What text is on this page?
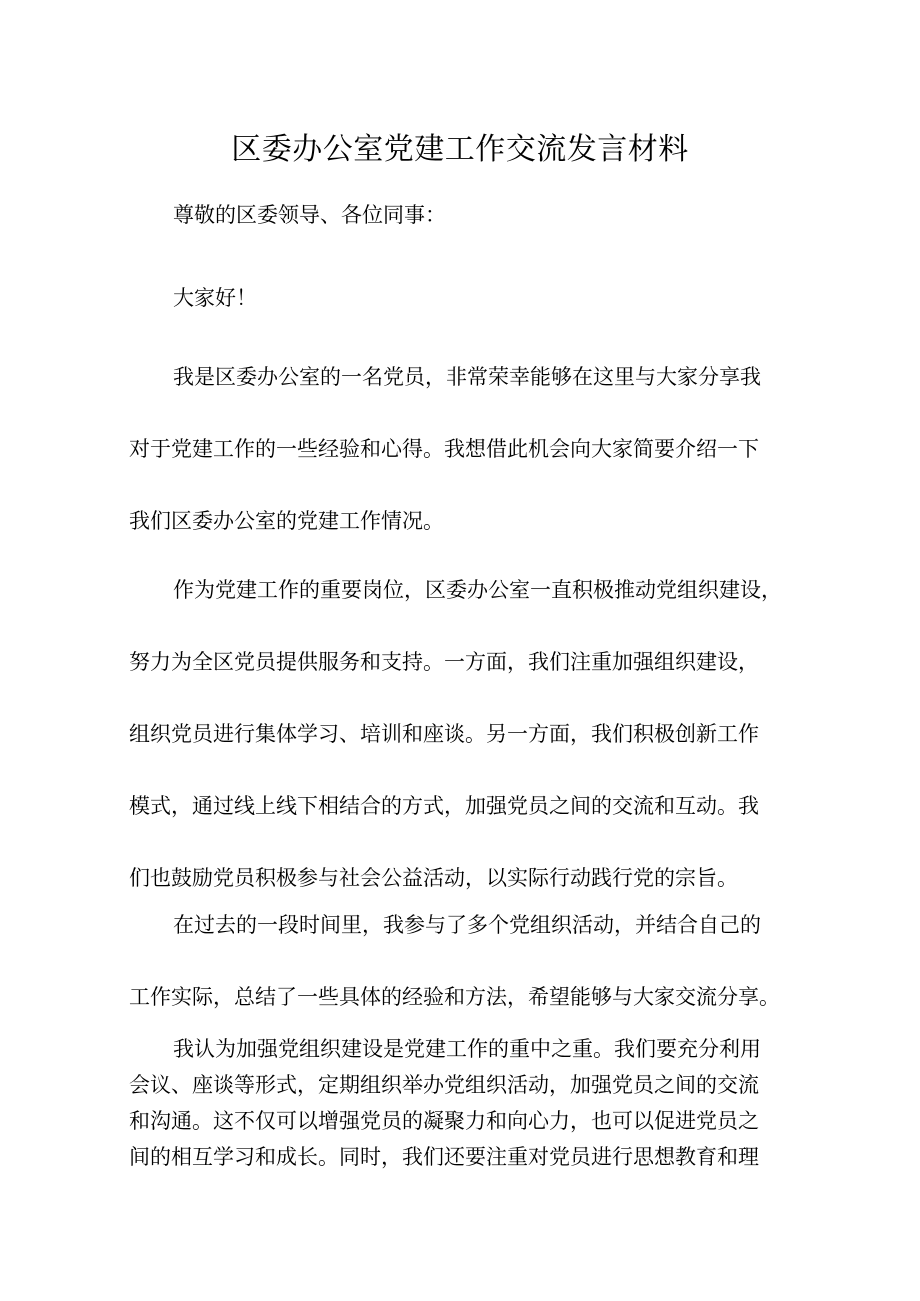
区委办公室党建工作交流发言材料

尊敬的区委领导、各位同事：

大家好！

我是区委办公室的一名党员，非常荣幸能够在这里与大家分享我
对于党建工作的一些经验和心得。我想借此机会向大家简要介绍一下
我们区委办公室的党建工作情况。

作为党建工作的重要岗位，区委办公室一直积极推动党组织建设，
努力为全区党员提供服务和支持。一方面，我们注重加强组织建设，
组织党员进行集体学习、培训和座谈。另一方面，我们积极创新工作
模式，通过线上线下相结合的方式，加强党员之间的交流和互动。我
们也鼓励党员积极参与社会公益活动，以实际行动践行党的宗旨。

在过去的一段时间里，我参与了多个党组织活动，并结合自己的
工作实际，总结了一些具体的经验和方法，希望能够与大家交流分享。

我认为加强党组织建设是党建工作的重中之重。我们要充分利用
会议、座谈等形式，定期组织举办党组织活动，加强党员之间的交流
和沟通。这不仅可以增强党员的凝聚力和向心力，也可以促进党员之
间的相互学习和成长。同时，我们还要注重对党员进行思想教育和理
